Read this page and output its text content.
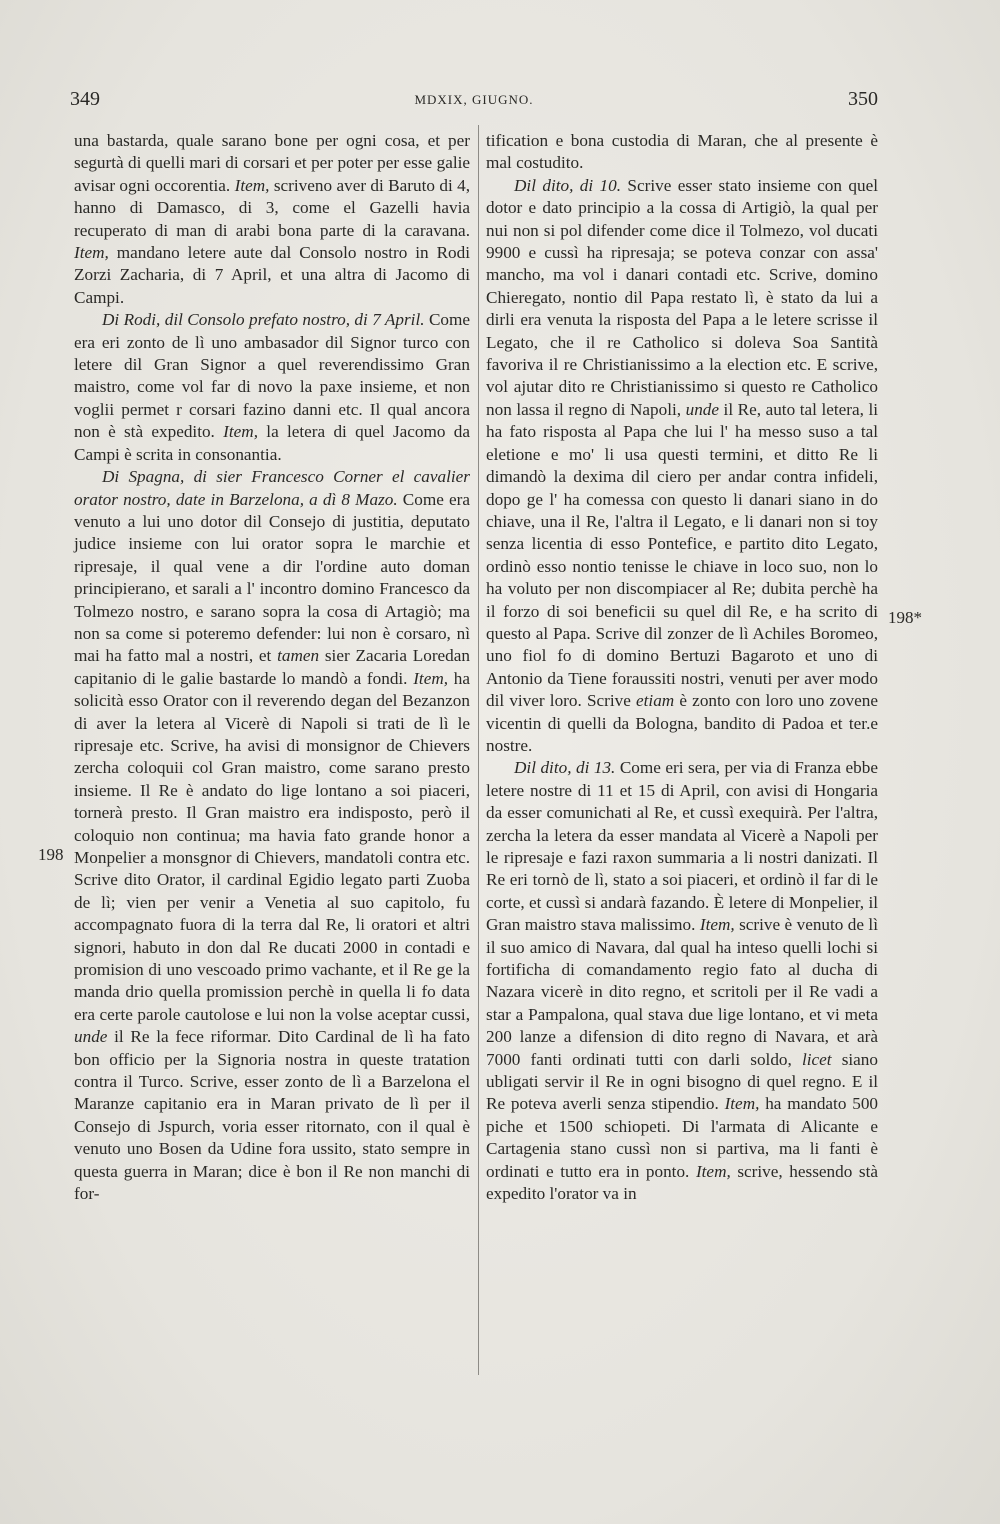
349	MDXIX, GIUGNO.	350

una bastarda, quale sarano bone per ogni cosa, et per segurtà di quelli mari di corsari et per poter per esse galie avisar ogni occorentia. Item, scriveno aver di Baruto di 4, hanno di Damasco, di 3, come el Gazelli havia recuperato di man di arabi bona parte di la caravana. Item, mandano letere aute dal Consolo nostro in Rodi Zorzi Zacharia, di 7 April, et una altra di Jacomo di Campi.

Di Rodi, dil Consolo prefato nostro, di 7 April. Come era eri zonto de lì uno ambasador dil Signor turco con letere dil Gran Signor a quel reverendissimo Gran maistro, come vol far di novo la paxe insieme, et non voglii permet r corsari fazino danni etc. Il qual ancora non è stà expedito. Item, la letera di quel Jacomo da Campi è scrita in consonantia.

Di Spagna, di sier Francesco Corner el cavalier orator nostro, date in Barzelona, a dì 8 Mazo. Come era venuto a lui uno dotor dil Consejo di justitia, deputato judice insieme con lui orator sopra le marchie et ripresaje, il qual vene a dir l'ordine auto doman principierano, et sarali a l' incontro domino Francesco da Tolmezo nostro, e sarano sopra la cosa di Artagiò; ma non sa come si poteremo defender: lui non è corsaro, nì mai ha fatto mal a nostri, et tamen sier Zacaria Loredan capitanio di le galie bastarde lo mandò a fondi. Item, ha solicità esso Orator con il reverendo degan del Bezanzon di aver la letera al Vicerè di Napoli si trati de lì le ripresaje etc. Scrive, ha avisi di monsignor de Chievers zercha coloquii col Gran maistro, come sarano presto insieme. Il Re è andato do lige lontano a soi piaceri, tornerà presto. Il Gran maistro era indisposto, però il coloquio non continua; ma havia fato grande honor a Monpelier a monsgnor di Chievers, mandatoli contra etc. Scrive dito Orator, il cardinal Egidio legato parti Zuoba de lì; vien per venir a Venetia al suo capitolo, fu accompagnato fuora di la terra dal Re, li oratori et altri signori, habuto in don dal Re ducati 2000 in contadi e promision di uno vescoado primo vachante, et il Re ge la manda drio quella promission perchè in quella li fo data era certe parole cautolose e lui non la volse aceptar cussi, unde il Re la fece riformar. Dito Cardinal de lì ha fato bon officio per la Signoria nostra in queste tratation contra il Turco. Scrive, esser zonto de lì a Barzelona el Maranze capitanio era in Maran privato de lì per il Consejo di Jspurch, voria esser ritornato, con il qual è venuto uno Bosen da Udine fora ussito, stato sempre in questa guerra in Maran; dice è bon il Re non manchi di for-

tification e bona custodia di Maran, che al presente è mal costudito.

Dil dito, di 10. Scrive esser stato insieme con quel dotor e dato principio a la cossa di Artigiò, la qual per nui non si pol difender come dice il Tolmezo, vol ducati 9900 e cussì ha ripresaja; se poteva conzar con assa' mancho, ma vol i danari contadi etc. Scrive, domino Chieregato, nontio dil Papa restato lì, è stato da lui a dirli era venuta la risposta del Papa a le letere scrisse il Legato, che il re Catholico si doleva Soa Santità favoriva il re Christianissimo a la election etc. E scrive, vol ajutar dito re Christianissimo si questo re Catholico non lassa il regno di Napoli, unde il Re, auto tal letera, li ha fato risposta al Papa che lui l' ha messo suso a tal eletione e mo' li usa questi termini, et ditto Re li dimandò la dexima dil ciero per andar contra infideli, dopo ge l' ha comessa con questo li danari siano in do chiave, una il Re, l'altra il Legato, e li danari non si toy senza licentia di esso Pontefice, e partito dito Legato, ordinò esso nontio tenisse le chiave in loco suo, non lo ha voluto per non discompiacer al Re; dubita perchè ha il forzo di soi beneficii su quel dil Re, e ha scrito di questo al Papa. Scrive dil zonzer de lì Achiles Boromeo, uno fiol fo di domino Bertuzi Bagaroto et uno di Antonio da Tiene foraussiti nostri, venuti per aver modo dil viver loro. Scrive etiam è zonto con loro uno zovene vicentin di quelli da Bologna, bandito di Padoa et ter.e nostre.

Dil dito, di 13. Come eri sera, per via di Franza ebbe letere nostre di 11 et 15 di April, con avisi di Hongaria da esser comunichati al Re, et cussì exequirà. Per l'altra, zercha la letera da esser mandata al Vicerè a Napoli per le ripresaje e fazi raxon summaria a li nostri danizati. Il Re eri tornò de lì, stato a soi piaceri, et ordinò il far di le corte, et cussì si andarà fazando. È letere di Monpelier, il Gran maistro stava malissimo. Item, scrive è venuto de lì il suo amico di Navara, dal qual ha inteso quelli lochi si fortificha di comandamento regio fato al ducha di Nazara vicerè in dito regno, et scritoli per il Re vadi a star a Pampalona, qual stava due lige lontano, et vi meta 200 lanze a difension di dito regno di Navara, et arà 7000 fanti ordinati tutti con darli soldo, licet siano ubligati servir il Re in ogni bisogno di quel regno. E il Re poteva averli senza stipendio. Item, ha mandato 500 piche et 1500 schiopeti. Di l'armata di Alicante e Cartagenia stano cussì non si partiva, ma li fanti è ordinati e tutto era in ponto. Item, scrive, hessendo stà expedito l'orator va in

198
198*
